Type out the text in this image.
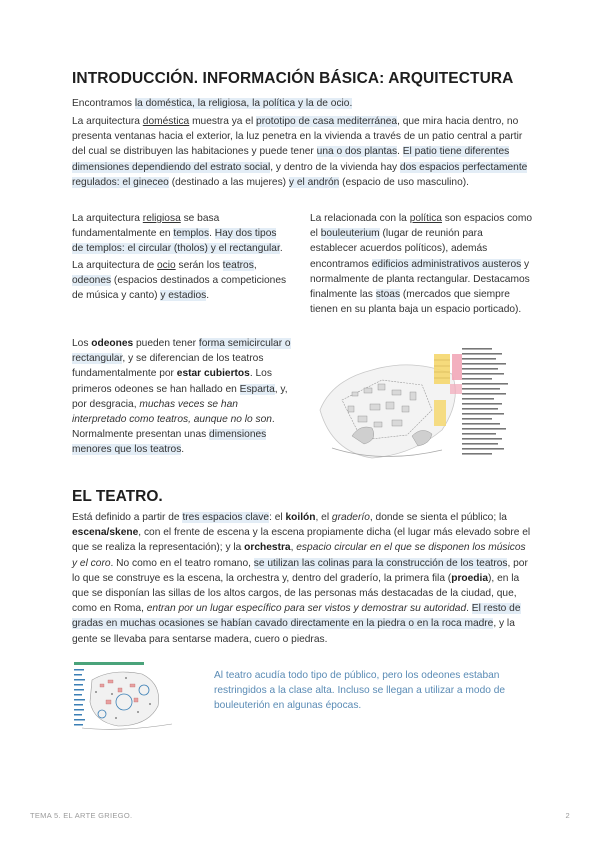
INTRODUCCIÓN. INFORMACIÓN BÁSICA: ARQUITECTURA
Encontramos la doméstica, la religiosa, la política y la de ocio.
La arquitectura doméstica muestra ya el prototipo de casa mediterránea, que mira hacia dentro, no presenta ventanas hacia el exterior, la luz penetra en la vivienda a través de un patio central a partir del cual se distribuyen las habitaciones y puede tener una o dos plantas. El patio tiene diferentes dimensiones dependiendo del estrato social, y dentro de la vivienda hay dos espacios perfectamente regulados: el gineceo (destinado a las mujeres) y el andrón (espacio de uso masculino).
La arquitectura religiosa se basa fundamentalmente en templos. Hay dos tipos de templos: el circular (tholos) y el rectangular.
La arquitectura de ocio serán los teatros, odeones (espacios destinados a competiciones de música y canto) y estadios.
La relacionada con la política son espacios como el bouleuterium (lugar de reunión para establecer acuerdos políticos), además encontramos edificios administrativos austeros y normalmente de planta rectangular. Destacamos finalmente las stoas (mercados que siempre tienen en su planta baja un espacio porticado).
Los odeones pueden tener forma semicircular o rectangular, y se diferencian de los teatros fundamentalmente por estar cubiertos. Los primeros odeones se han hallado en Esparta, y, por desgracia, muchas veces se han interpretado como teatros, aunque no lo son. Normalmente presentan unas dimensiones menores que los teatros.
EL TEATRO.
Está definido a partir de tres espacios clave: el koilón, el graderío, donde se sienta el público; la escena/skene, con el frente de escena y la escena propiamente dicha (el lugar más elevado sobre el que se realiza la representación); y la orchestra, espacio circular en el que se disponen los músicos y el coro. No como en el teatro romano, se utilizan las colinas para la construcción de los teatros, por lo que se construye es la escena, la orchestra y, dentro del graderío, la primera fila (proedia), en la que se disponían las sillas de los altos cargos, de las personas más destacadas de la ciudad, que, como en Roma, entran por un lugar específico para ser vistos y demostrar su autoridad. El resto de gradas en muchas ocasiones se habían cavado directamente en la piedra o en la roca madre, y la gente se llevaba para sentarse madera, cuero o piedras.
Al teatro acudía todo tipo de público, pero los odeones estaban restringidos a la clase alta. Incluso se llegan a utilizar a modo de bouleuterión en algunas épocas.
TEMA 5. EL ARTE GRIEGO.	2
